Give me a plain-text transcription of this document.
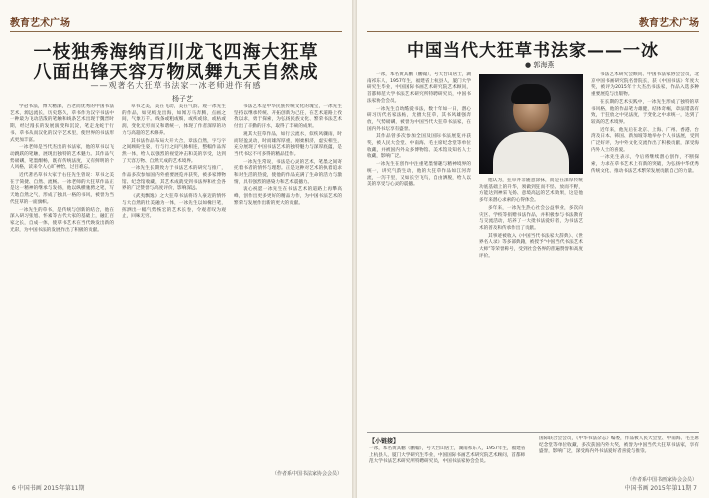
教育艺术广场
一枝独秀海纳百川龙飞四海大狂草
八面出锋天容万物凤舞九天自然成
——观著名大狂草书法家一冰老师进作有感
杨子艺

学冠书法，博大精深，古老而优秀的中国书法艺术，源远流长，历史悠久，草书作为汉字书法中一种最为飞动活泼的笔触和线条艺术出现于魏晋时期，经过漫长的发展演变和沉淀，笔走龙蛇于行书、草书从而汉化的汉字艺术里，使世界的书法形式更加丰富。

一冰老师是当代杰出的书法家，他的草书以飞动跳跃的笔触，展现出独特的艺术魅力。其作品气势磅礴，笔墨酣畅，既有传统法度，又有鲜明的个人风格，读来令人心旷神怡，过目难忘。

近代著名草书大家于右任先生曾说：草书之美在于简捷、自然、流畅。一冰老师的大狂草作品正是这一精神的继承与发扬，他以纵横驰骋之笔，写天地自然之气，形成了独具一格的书风，被誉为当代狂草的一面旗帜。

一冰先生的草书，是传统与创新的结合，他在深入研习张旭、怀素等古代大家的基础上，融汇百家之长，自成一体，使草书艺术在当代焕发出新的光彩，为中国书法的发展作出了积极的贡献。

草书之美，美在飞动，美在气韵。观一冰先生的作品，如见蛟龙出海，如闻万马奔腾，点画之间，气象万千。线条或粗或细，或疾或徐，或枯或润，变化无穷而又和谐统一，体现了作者深厚的功力与高超的艺术修养。

其书法作品布局大开大合，章法自然，字与字之间顾盼生姿，行与行之间气脉相连，整幅作品浑然一体，给人以强烈的视觉冲击和美的享受，达到了天容万物、自然天成的艺术境界。

一冰先生长期致力于书法艺术的研究与推广，作品多次参加国内外重要展览并获奖，被多家博物馆、纪念馆收藏，其艺术成就受到书法界和社会各界的广泛赞誉与高度评价，影响深远。

《武夷飘逸》之大狂草书法将诗人豪迈的情怀与大自然的壮美融为一体，一冰先生以如椽巨笔，挥洒出一幅气势恢宏的艺术长卷，令观者叹为观止，回味无穷。

书法艺术是中华民族传统文化的瑰宝，一冰先生坚持以继承传统、开拓创新为己任，在艺术道路上孜孜以求，勇于探索，为弘扬民族文化、繁荣书法艺术付出了辛勤的汗水，取得了丰硕的成果。

观其大狂草作品，如行云流水，似疾风骤雨，时而轻盈灵动，时而雄浑厚重，刚柔相济，虚实相生，充分展现了中国书法艺术的独特魅力与深厚底蕴，是当代书坛不可多得的精品佳作。

一冰先生常说，书法是心灵的艺术，笔墨之间寄托着书者的情怀与理想。正是这种对艺术的执着追求和对生活的热爱，使他的作品充满了生命的活力与激情，具有强烈的感染力和艺术震撼力。

衷心祝愿一冰先生在书法艺术的道路上再攀高峰，创作出更多更好的精品力作，为中国书法艺术的繁荣与发展作出新的更大的贡献。

（作者系中国书法家协会会员）
6 中国书画 2015年第11期
教育艺术广场
中国当代大狂草书法家——一冰
● 郭海燕

一冰，本名黄其鹏（鹏翰），号天台山居士，湖南祁东人，1957年生，福建省上杭县人，厦门大学研究生毕业，中国国际书画艺术研究院艺术顾问，首都师范大学书法艺术研究所特聘研究员，中国书法家协会会员。

一冰先生自幼酷爱书法，数十年如一日，潜心研习历代名家法帖，尤擅大狂草，其书风雄强奔放，气势磅礴，被誉为中国当代大狂草书法家，在国内外书坛享有盛誉。

其作品曾多次参加全国及国际书法展览并获奖，被人民大会堂、中南海、毛主席纪念堂等单位收藏，并被国内外众多博物馆、美术馆及知名人士收藏，影响广泛。

一冰先生在创作中注重笔墨情趣与精神境界的统一，讲究气韵生动，他的大狂草作品如江河奔流，一泻千里，又如长空飞鸟，自由洒脱，给人以美的享受与心灵的震撼。

他认为，狂草并非随意涂抹，而是在深厚传统功底基础上的升华，须做到狂而不怪、放而不野，方能达到神采飞扬、意境高远的艺术效果，这是他多年来潜心求索的心得体会。

多年来，一冰先生热心社会公益事业，多次向灾区、学校等捐赠书法作品，并积极参与书法教育与交流活动，培养了一大批书法爱好者，为书法艺术的普及和传承作出了贡献。

其事迹被收入《中国当代书法家大辞典》、《世界名人录》等多部典籍，被授予“中国当代书法艺术大师”等荣誉称号，受到社会各界的普遍赞誉和高度评价。

书法艺术研究会顾问、中国书法家协会会员，北京中国书画研究院名誉院长，获《中国书法》年度大奖，被评为2015年十大杰出书法家，作品入选多种重要展览与出版物。

在长期的艺术实践中，一冰先生形成了独特的草书风格，他的作品笔力雄健，结体奇崛，章法错落有致，于狂放之中见法度，于变化之中求统一，达到了较高的艺术境界。

近年来，他先后在北京、上海、广州、香港、台湾及日本、韩国、新加坡等地举办个人书法展，受到广泛好评，为中外文化交流作出了积极贡献，深受海内外人士的喜爱。

一冰先生表示，今后将继续潜心创作，不断探索，力求在草书艺术上有新的突破，为弘扬中华优秀传统文化、推动书法艺术繁荣发展贡献自己的力量。

【小链接】
一冰，本名黄其鹏（鹏翰），号天台山居士，湖南祁东人，1957年生，福建省上杭县人，厦门大学研究生毕业，中国国际书画艺术研究院艺术顾问，首都师范大学书法艺术研究所特聘研究员，中国书法家协会会员。
国际联合会会员，《中华书法杂志》编委，作品被人民大会堂、中南海、毛主席纪念堂等单位收藏，多次获国内外大奖，被誉为中国当代大狂草书法家，享有盛誉，影响广泛，深受海内外书法爱好者喜爱与推崇。
（作者系中国书画家协会会员）
中国书画 2015年第11期 7
